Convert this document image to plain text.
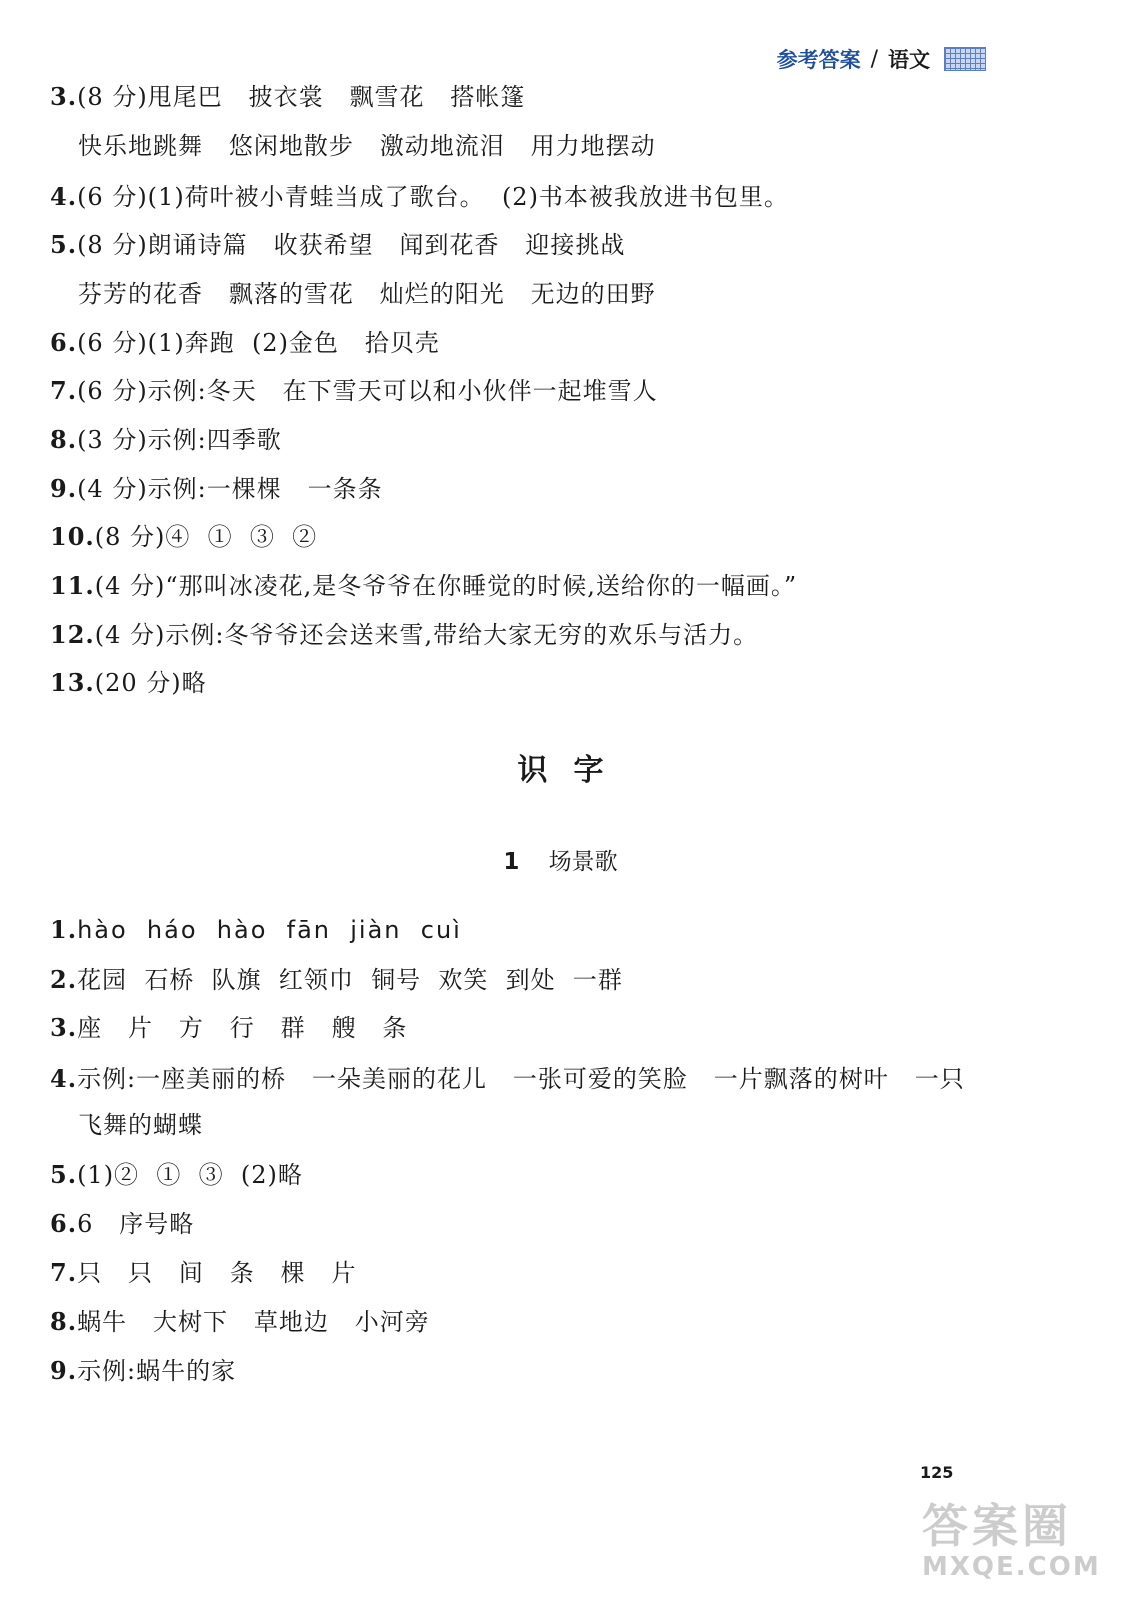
参考答案 / 语文
3.(8 分)甩尾巴   披衣裳   飘雪花   搭帐篷
快乐地跳舞   悠闲地散步   激动地流泪   用力地摆动
4.(6 分)(1)荷叶被小青蛙当成了歌台。  (2)书本被我放进书包里。
5.(8 分)朗诵诗篇   收获希望   闻到花香   迎接挑战
芬芳的花香   飘落的雪花   灿烂的阳光   无边的田野
6.(6 分)(1)奔跑  (2)金色   拾贝壳
7.(6 分)示例:冬天   在下雪天可以和小伙伴一起堆雪人
8.(3 分)示例:四季歌
9.(4 分)示例:一棵棵   一条条
10.(8 分)④  ①  ③  ②
11.(4 分)“那叫冰凌花,是冬爷爷在你睡觉的时候,送给你的一幅画。”
12.(4 分)示例:冬爷爷还会送来雪,带给大家无穷的欢乐与活力。
13.(20 分)略
1.hào  háo  hào  fān  jiàn  cuì
2.花园  石桥  队旗  红领巾  铜号  欢笑  到处  一群
3.座   片   方   行   群   艘   条
4.示例:一座美丽的桥   一朵美丽的花儿   一张可爱的笑脸   一片飘落的树叶   一只
飞舞的蝴蝶
5.(1)②  ①  ③  (2)略
6.6   序号略
7.只   只   间   条   棵   片
8.蜗牛   大树下   草地边   小河旁
9.示例:蜗牛的家
识字
1 场景歌
125
答案圈
MXQE.COM
